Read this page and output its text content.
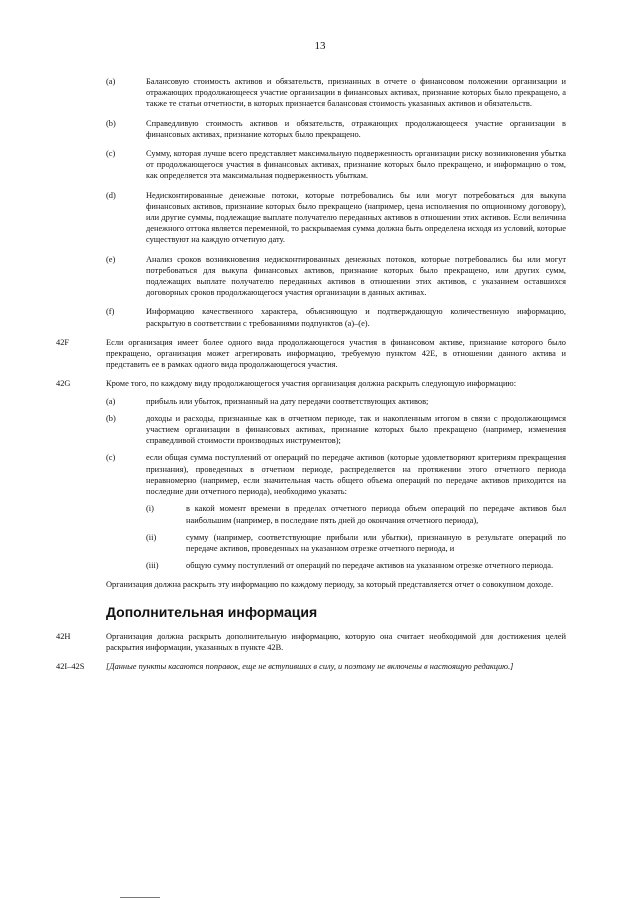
13
(a)	Балансовую стоимость активов и обязательств, признанных в отчете о финансовом положении организации и отражающих продолжающееся участие организации в финансовых активах, признание которых было прекращено, а также те статьи отчетности, в которых признается балансовая стоимость указанных активов и обязательств.
(b)	Справедливую стоимость активов и обязательств, отражающих продолжающееся участие организации в финансовых активах, признание которых было прекращено.
(c)	Сумму, которая лучше всего представляет максимальную подверженность организации риску возникновения убытка от продолжающегося участия в финансовых активах, признание которых было прекращено, и информацию о том, как определяется эта максимальная подверженность убыткам.
(d)	Недисконтированные денежные потоки, которые потребовались бы или могут потребоваться для выкупа финансовых активов, признание которых было прекращено (например, цена исполнения по опционному договору), или другие суммы, подлежащие выплате получателю переданных активов в отношении этих активов. Если величина денежного оттока является переменной, то раскрываемая сумма должна быть определена исходя из условий, которые существуют на каждую отчетную дату.
(e)	Анализ сроков возникновения недисконтированных денежных потоков, которые потребовались бы или могут потребоваться для выкупа финансовых активов, признание которых было прекращено, или других сумм, подлежащих выплате получателю переданных активов в отношении этих активов, с указанием оставшихся договорных сроков продолжающегося участия организации в данных активах.
(f)	Информацию качественного характера, объясняющую и подтверждающую количественную информацию, раскрытую в соответствии с требованиями подпунктов (a)–(e).
42F	Если организация имеет более одного вида продолжающегося участия в финансовом активе, признание которого было прекращено, организация может агрегировать информацию, требуемую пунктом 42E, в отношении данного актива и представить ее в рамках одного вида продолжающегося участия.
42G	Кроме того, по каждому виду продолжающегося участия организация должна раскрыть следующую информацию:
(a)	прибыль или убыток, признанный на дату передачи соответствующих активов;
(b)	доходы и расходы, признанные как в отчетном периоде, так и накопленным итогом в связи с продолжающимся участием организации в финансовых активах, признание которых было прекращено (например, изменения справедливой стоимости производных инструментов);
(c)	если общая сумма поступлений от операций по передаче активов (которые удовлетворяют критериям прекращения признания), проведенных в отчетном периоде, распределяется на протяжении этого отчетного периода неравномерно (например, если значительная часть общего объема операций по передаче активов приходится на последние дни отчетного периода), необходимо указать:
(i)	в какой момент времени в пределах отчетного периода объем операций по передаче активов был наибольшим (например, в последние пять дней до окончания отчетного периода),
(ii)	сумму (например, соответствующие прибыли или убытки), признанную в результате операций по передаче активов, проведенных на указанном отрезке отчетного периода, и
(iii)	общую сумму поступлений от операций по передаче активов на указанном отрезке отчетного периода.
Организация должна раскрыть эту информацию по каждому периоду, за который представляется отчет о совокупном доходе.
Дополнительная информация
42H	Организация должна раскрыть дополнительную информацию, которую она считает необходимой для достижения целей раскрытия информации, указанных в пункте 42B.
42I–42S	[Данные пункты касаются поправок, еще не вступивших в силу, и поэтому не включены в настоящую редакцию.]
